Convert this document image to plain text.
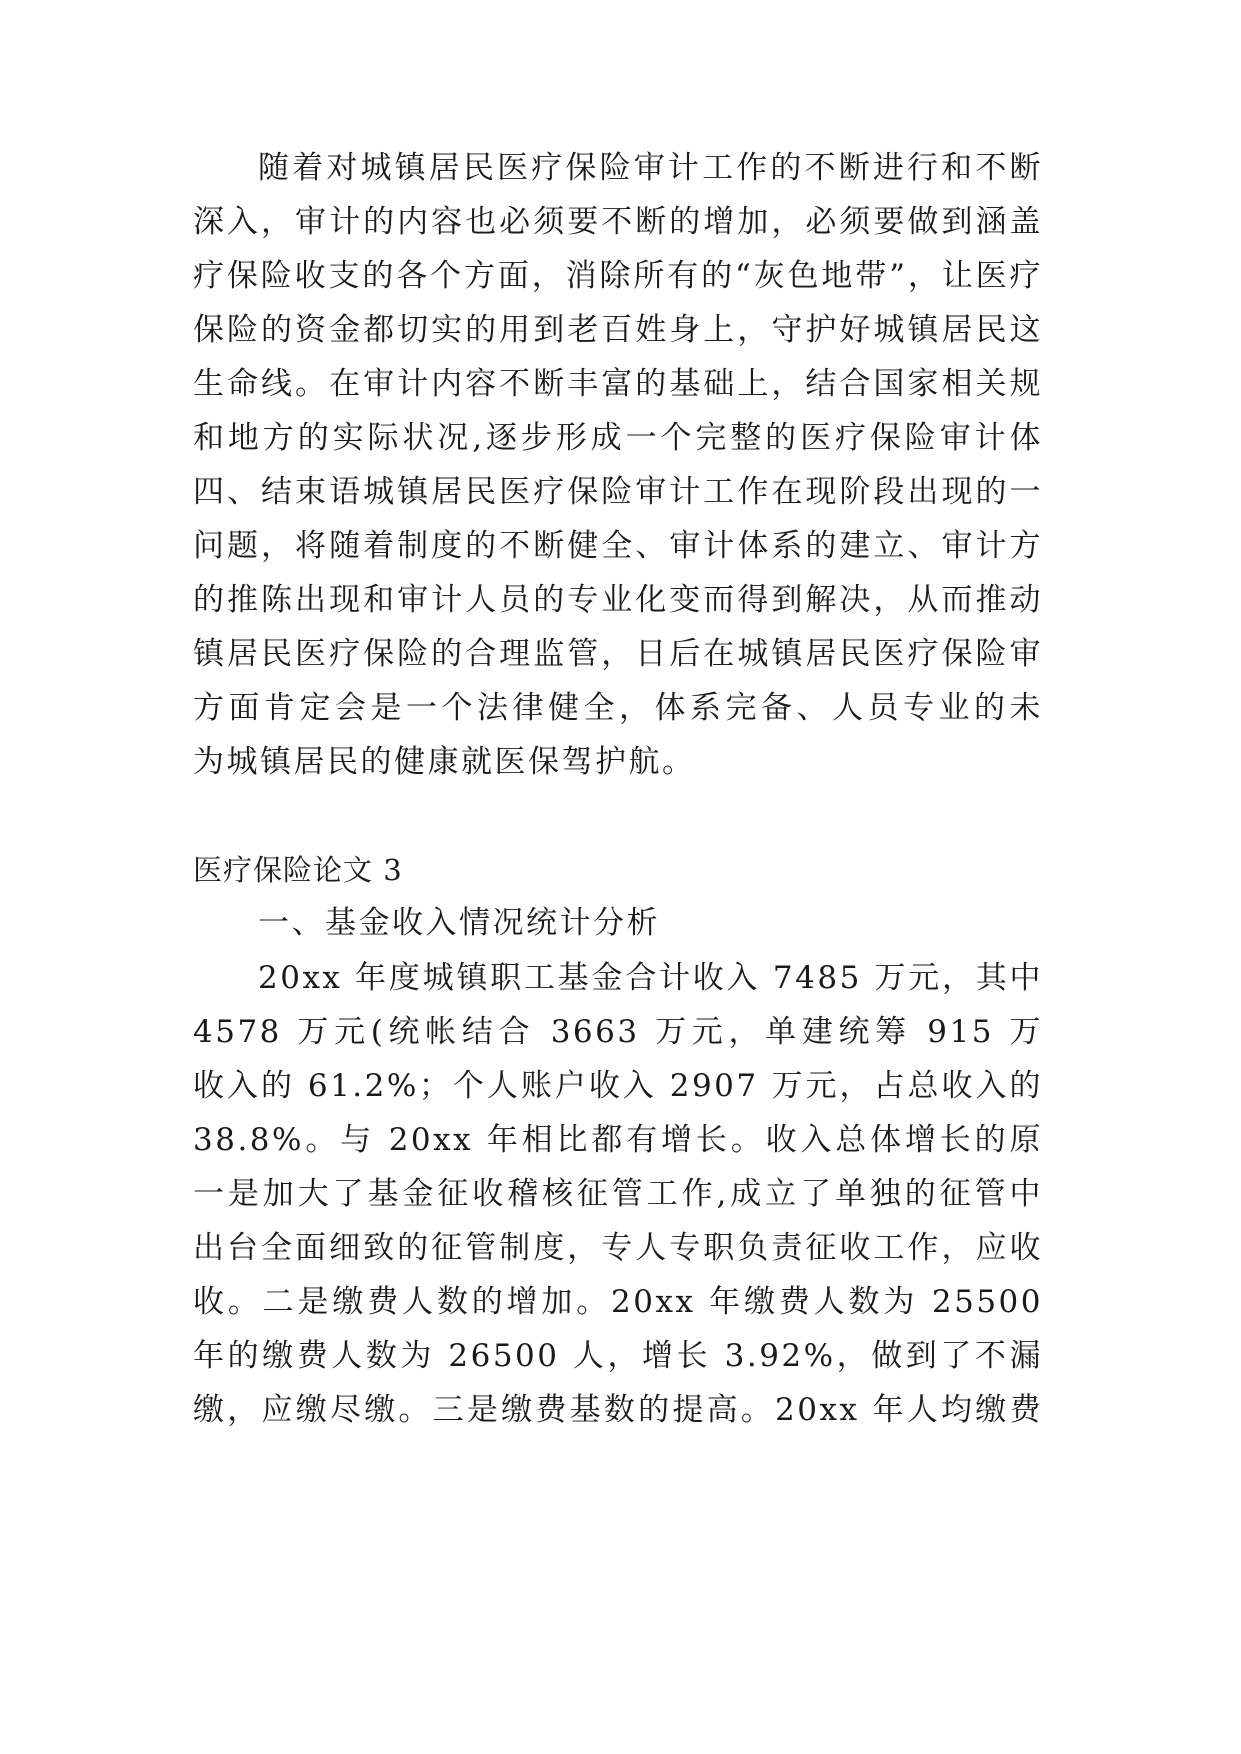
随着对城镇居民医疗保险审计工作的不断进行和不断
深入，审计的内容也必须要不断的增加，必须要做到涵盖
疗保险收支的各个方面，消除所有的“灰色地带”，让医疗
保险的资金都切实的用到老百姓身上，守护好城镇居民这
生命线。在审计内容不断丰富的基础上，结合国家相关规
和地方的实际状况,逐步形成一个完整的医疗保险审计体
四、结束语城镇居民医疗保险审计工作在现阶段出现的一
问题，将随着制度的不断健全、审计体系的建立、审计方
的推陈出现和审计人员的专业化变而得到解决，从而推动
镇居民医疗保险的合理监管，日后在城镇居民医疗保险审
方面肯定会是一个法律健全，体系完备、人员专业的未
为城镇居民的健康就医保驾护航。
医疗保险论文 3
一、基金收入情况统计分析
20xx 年度城镇职工基金合计收入 7485 万元，其中
4578 万元(统帐结合 3663 万元，单建统筹 915 万
收入的 61.2%；个人账户收入 2907 万元，占总收入的
38.8%。与 20xx 年相比都有增长。收入总体增长的原
一是加大了基金征收稽核征管工作,成立了单独的征管中
出台全面细致的征管制度，专人专职负责征收工作，应收
收。二是缴费人数的增加。20xx 年缴费人数为 25500
年的缴费人数为 26500 人，增长 3.92%，做到了不漏
缴，应缴尽缴。三是缴费基数的提高。20xx 年人均缴费
